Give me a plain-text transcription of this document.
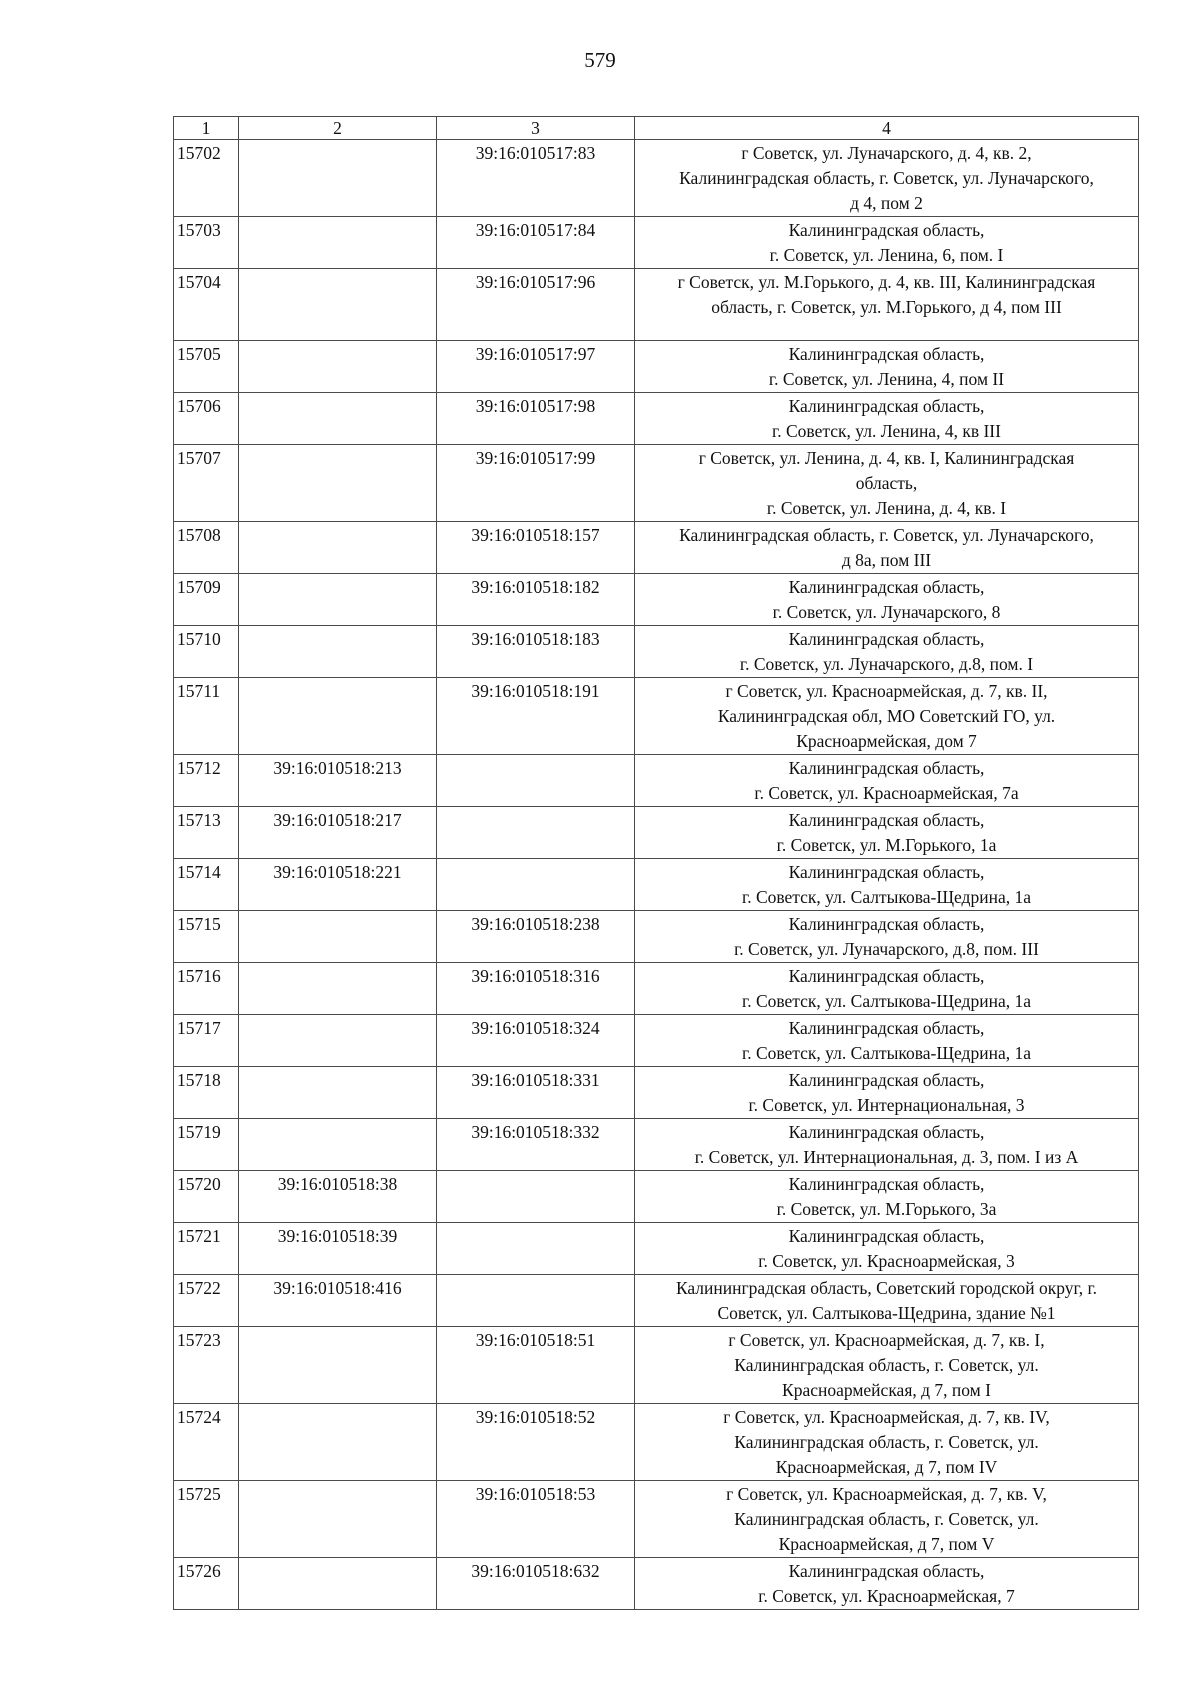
579
1	2	3	4
15702		39:16:010517:83	г Советск, ул. Луначарского, д. 4, кв. 2,
Калининградская область, г. Советск, ул. Луначарского,
д 4, пом 2

15703		39:16:010517:84	Калининградская область,
г. Советск, ул. Ленина, 6, пом. I

15704		39:16:010517:96	г Советск, ул. М.Горького, д. 4, кв. III, Калининградская
область, г. Советск, ул. М.Горького, д 4, пом III

15705		39:16:010517:97	Калининградская область,
г. Советск, ул. Ленина, 4, пом II

15706		39:16:010517:98	Калининградская область,
г. Советск, ул. Ленина, 4, кв III

15707		39:16:010517:99	г Советск, ул. Ленина, д. 4, кв. I, Калининградская
область,
г. Советск, ул. Ленина, д. 4, кв. I

15708		39:16:010518:157	Калининградская область, г. Советск, ул. Луначарского,
д 8а, пом III

15709		39:16:010518:182	Калининградская область,
г. Советск, ул. Луначарского, 8

15710		39:16:010518:183	Калининградская область,
г. Советск, ул. Луначарского, д.8, пом. I

15711		39:16:010518:191	г Советск, ул. Красноармейская, д. 7, кв. II,
Калининградская обл, МО Советский ГО, ул.
Красноармейская, дом 7

15712	39:16:010518:213		Калининградская область,
г. Советск, ул. Красноармейская, 7а

15713	39:16:010518:217		Калининградская область,
г. Советск, ул. М.Горького, 1а

15714	39:16:010518:221		Калининградская область,
г. Советск, ул. Салтыкова-Щедрина, 1а

15715		39:16:010518:238	Калининградская область,
г. Советск, ул. Луначарского, д.8, пом. III

15716		39:16:010518:316	Калининградская область,
г. Советск, ул. Салтыкова-Щедрина, 1а

15717		39:16:010518:324	Калининградская область,
г. Советск, ул. Салтыкова-Щедрина, 1а

15718		39:16:010518:331	Калининградская область,
г. Советск, ул. Интернациональная, 3

15719		39:16:010518:332	Калининградская область,
г. Советск, ул. Интернациональная, д. 3, пом. I из А

15720	39:16:010518:38		Калининградская область,
г. Советск, ул. М.Горького, 3а

15721	39:16:010518:39		Калининградская область,
г. Советск, ул. Красноармейская, 3

15722	39:16:010518:416		Калининградская область, Советский городской округ, г.
Советск, ул. Салтыкова-Щедрина, здание №1

15723		39:16:010518:51	г Советск, ул. Красноармейская, д. 7, кв. I,
Калининградская область, г. Советск, ул.
Красноармейская, д 7, пом I

15724		39:16:010518:52	г Советск, ул. Красноармейская, д. 7, кв. IV,
Калининградская область, г. Советск, ул.
Красноармейская, д 7, пом IV

15725		39:16:010518:53	г Советск, ул. Красноармейская, д. 7, кв. V,
Калининградская область, г. Советск, ул.
Красноармейская, д 7, пом V

15726		39:16:010518:632	Калининградская область,
г. Советск, ул. Красноармейская, 7
